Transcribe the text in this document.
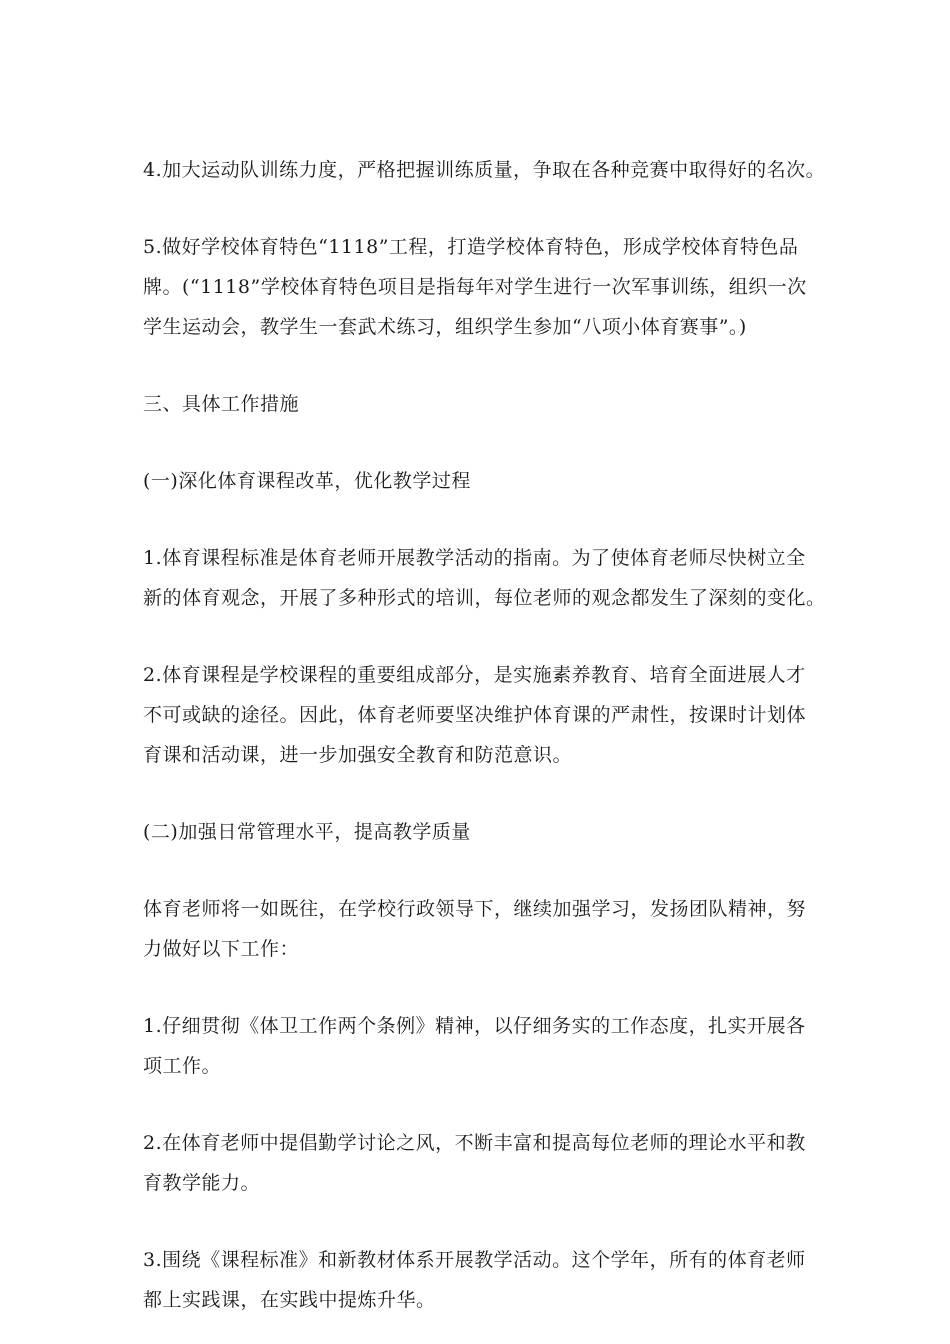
4.加大运动队训练力度，严格把握训练质量，争取在各种竞赛中取得好的名次。

5.做好学校体育特色“1118”工程，打造学校体育特色，形成学校体育特色品
牌。(“1118”学校体育特色项目是指每年对学生进行一次军事训练，组织一次
学生运动会，教学生一套武术练习，组织学生参加“八项小体育赛事”。)

三、具体工作措施

(一)深化体育课程改革，优化教学过程

1.体育课程标准是体育老师开展教学活动的指南。为了使体育老师尽快树立全
新的体育观念，开展了多种形式的培训，每位老师的观念都发生了深刻的变化。

2.体育课程是学校课程的重要组成部分，是实施素养教育、培育全面进展人才
不可或缺的途径。因此，体育老师要坚决维护体育课的严肃性，按课时计划体
育课和活动课，进一步加强安全教育和防范意识。

(二)加强日常管理水平，提高教学质量

体育老师将一如既往，在学校行政领导下，继续加强学习，发扬团队精神，努
力做好以下工作：

1.仔细贯彻《体卫工作两个条例》精神，以仔细务实的工作态度，扎实开展各
项工作。

2.在体育老师中提倡勤学讨论之风，不断丰富和提高每位老师的理论水平和教
育教学能力。

3.围绕《课程标准》和新教材体系开展教学活动。这个学年，所有的体育老师
都上实践课，在实践中提炼升华。
